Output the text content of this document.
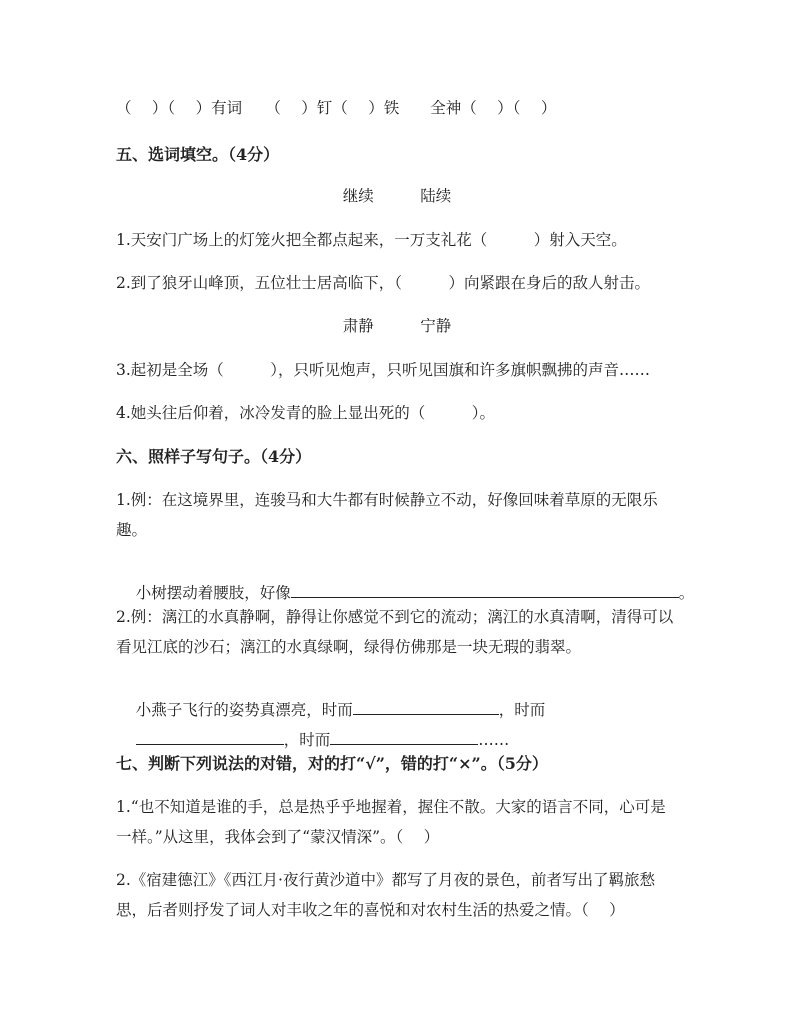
（　 ）（　 ）有词　　（　 ）钉（　 ）铁　　全神（　 ）（　 ）
五、选词填空。（4分）
继续　　　陆续
1.天安门广场上的灯笼火把全都点起来，一万支礼花（　　　）射入天空。
2.到了狼牙山峰顶，五位壮士居高临下，（　　　）向紧跟在身后的敌人射击。
肃静　　　宁静
3.起初是全场（　　　），只听见炮声，只听见国旗和许多旗帜飘拂的声音……
4.她头往后仰着，冰冷发青的脸上显出死的（　　　）。
六、照样子写句子。（4分）
1.例：在这境界里，连骏马和大牛都有时候静立不动，好像回味着草原的无限乐
趣。

小树摆动着腰肢，好像	。

2.例：漓江的水真静啊，静得让你感觉不到它的流动；漓江的水真清啊，清得可以
看见江底的沙石；漓江的水真绿啊，绿得仿佛那是一块无瑕的翡翠。

小燕子飞行的姿势真漂亮，时而	，时而

，时而	……

七、判断下列说法的对错，对的打“√”，错的打“×”。（5分）
1.“也不知道是谁的手，总是热乎乎地握着，握住不散。大家的语言不同，心可是
一样。”从这里，我体会到了“蒙汉情深”。（　 ）
2.《宿建德江》《西江月·夜行黄沙道中》都写了月夜的景色，前者写出了羁旅愁
思，后者则抒发了词人对丰收之年的喜悦和对农村生活的热爱之情。（　 ）
